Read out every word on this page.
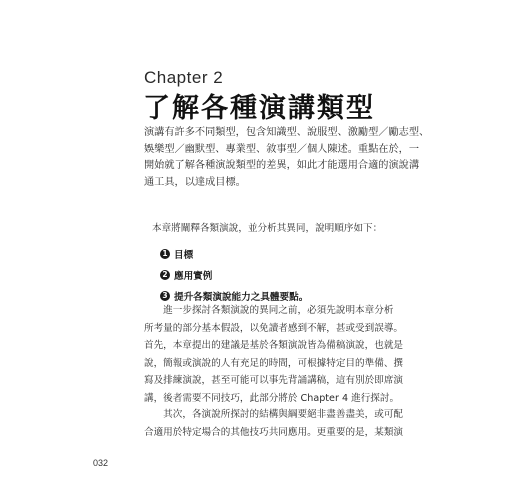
Chapter 2
了解各種演講類型
演講有許多不同類型，包含知識型、說服型、激勵型／勵志型、
娛樂型／幽默型、專業型、敘事型／個人陳述。重點在於，一
開始就了解各種演說類型的差異，如此才能選用合適的演說溝
通工具，以達成目標。
本章將闡釋各類演說，並分析其異同，說明順序如下：
1 目標
2 應用實例
3 提升各類演說能力之具體要點。
　　進一步探討各類演說的異同之前，必須先說明本章分析
所考量的部分基本假設，以免讀者感到不解，甚或受到誤導。
首先，本章提出的建議是基於各類演說皆為備稿演說，也就是
說，簡報或演說的人有充足的時間，可根據特定目的準備、撰
寫及排練演說，甚至可能可以事先背誦講稿，這有別於即席演
講，後者需要不同技巧，此部分將於 Chapter 4 進行探討。
　　其次，各演說所探討的結構與綱要絕非盡善盡美，或可配
合適用於特定場合的其他技巧共同應用。更重要的是，某類演
032
